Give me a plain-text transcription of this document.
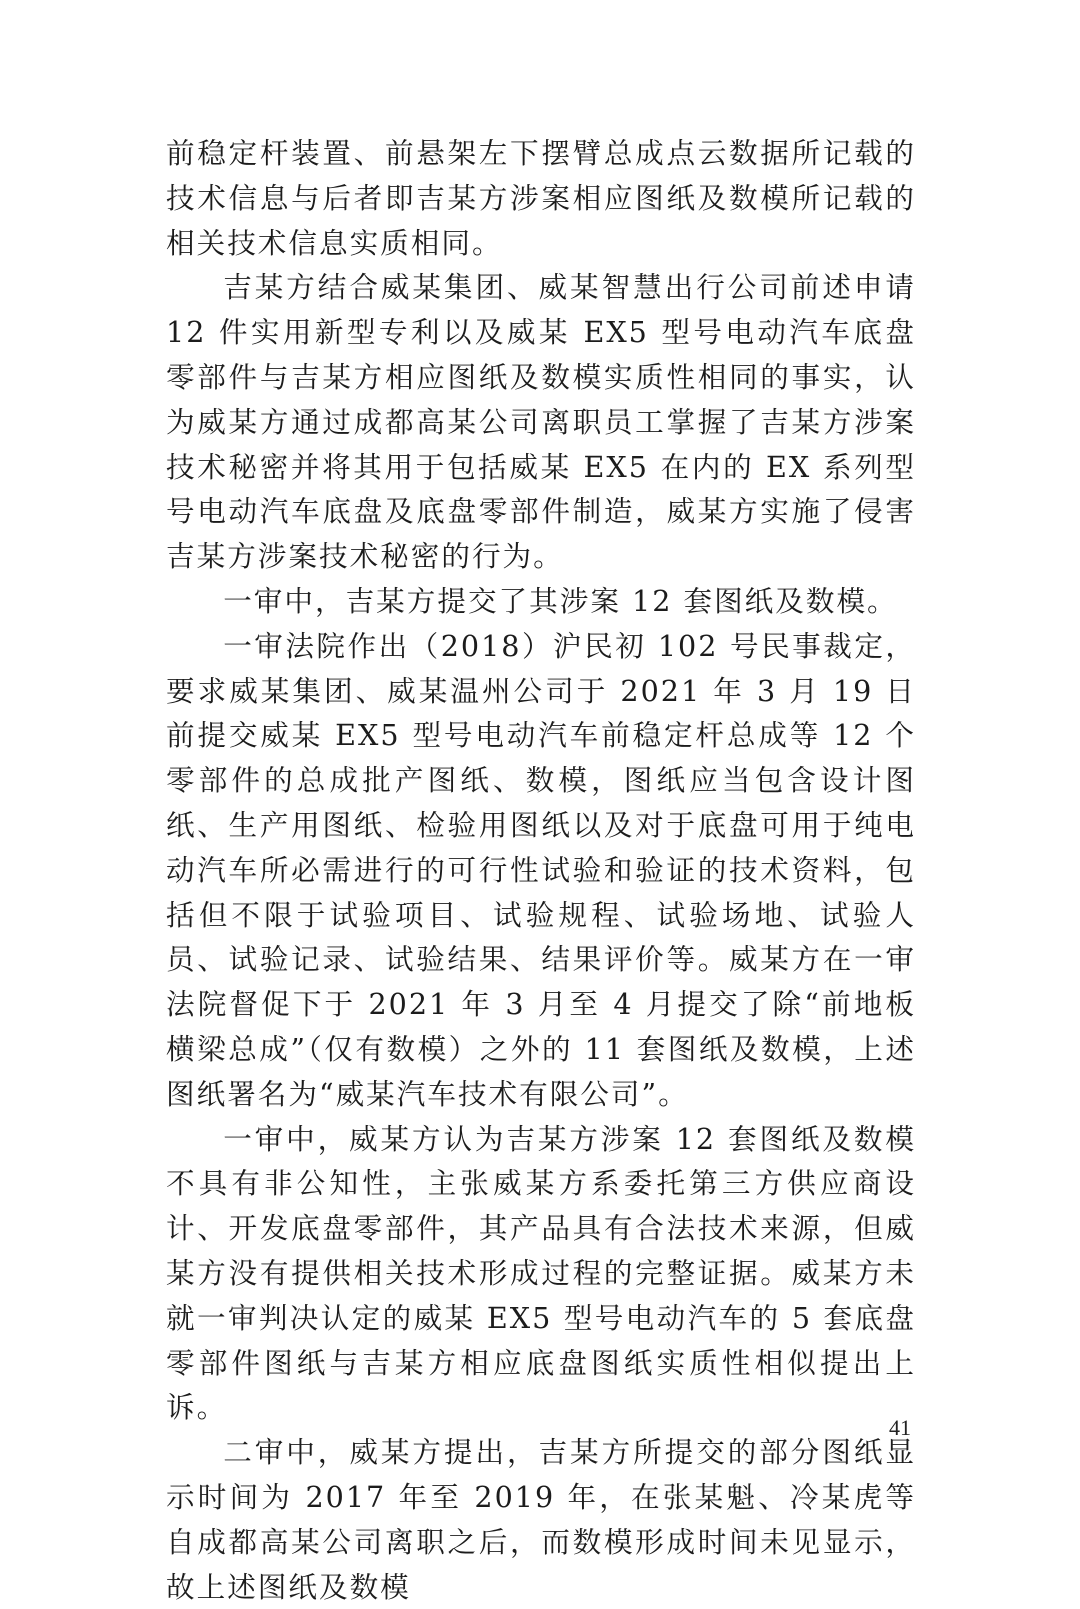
前稳定杆装置、前悬架左下摆臂总成点云数据所记载的技术信息与后者即吉某方涉案相应图纸及数模所记载的相关技术信息实质相同。

吉某方结合威某集团、威某智慧出行公司前述申请 12 件实用新型专利以及威某 EX5 型号电动汽车底盘零部件与吉某方相应图纸及数模实质性相同的事实，认为威某方通过成都高某公司离职员工掌握了吉某方涉案技术秘密并将其用于包括威某 EX5 在内的 EX 系列型号电动汽车底盘及底盘零部件制造，威某方实施了侵害吉某方涉案技术秘密的行为。

一审中，吉某方提交了其涉案 12 套图纸及数模。

一审法院作出（2018）沪民初 102 号民事裁定，要求威某集团、威某温州公司于 2021 年 3 月 19 日前提交威某 EX5 型号电动汽车前稳定杆总成等 12 个零部件的总成批产图纸、数模，图纸应当包含设计图纸、生产用图纸、检验用图纸以及对于底盘可用于纯电动汽车所必需进行的可行性试验和验证的技术资料，包括但不限于试验项目、试验规程、试验场地、试验人员、试验记录、试验结果、结果评价等。威某方在一审法院督促下于 2021 年 3 月至 4 月提交了除“前地板横梁总成”（仅有数模）之外的 11 套图纸及数模，上述图纸署名为“威某汽车技术有限公司”。

一审中，威某方认为吉某方涉案 12 套图纸及数模不具有非公知性，主张威某方系委托第三方供应商设计、开发底盘零部件，其产品具有合法技术来源，但威某方没有提供相关技术形成过程的完整证据。威某方未就一审判决认定的威某 EX5 型号电动汽车的 5 套底盘零部件图纸与吉某方相应底盘图纸实质性相似提出上诉。

二审中，威某方提出，吉某方所提交的部分图纸显示时间为 2017 年至 2019 年，在张某魁、冷某虎等自成都高某公司离职之后，而数模形成时间未见显示，故上述图纸及数模

41
